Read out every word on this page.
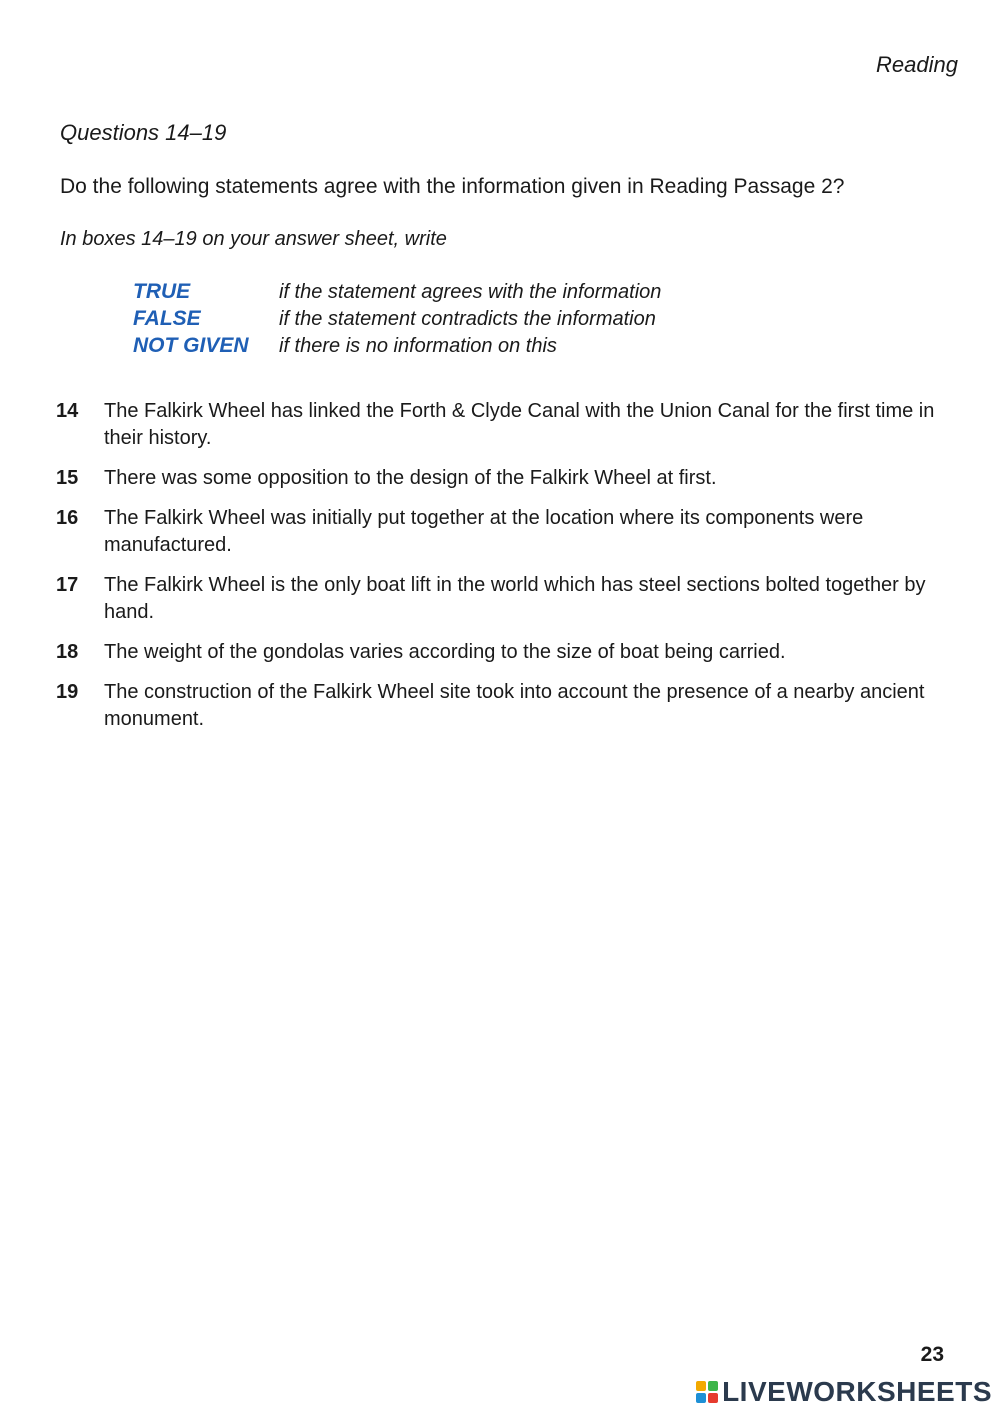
Reading
Questions 14–19
Do the following statements agree with the information given in Reading Passage 2?
In boxes 14–19 on your answer sheet, write
TRUE	if the statement agrees with the information
FALSE	if the statement contradicts the information
NOT GIVEN	if there is no information on this
14	The Falkirk Wheel has linked the Forth & Clyde Canal with the Union Canal for the first time in their history.
15	There was some opposition to the design of the Falkirk Wheel at first.
16	The Falkirk Wheel was initially put together at the location where its components were manufactured.
17	The Falkirk Wheel is the only boat lift in the world which has steel sections bolted together by hand.
18	The weight of the gondolas varies according to the size of boat being carried.
19	The construction of the Falkirk Wheel site took into account the presence of a nearby ancient monument.
23
LIVEWORKSHEETS
